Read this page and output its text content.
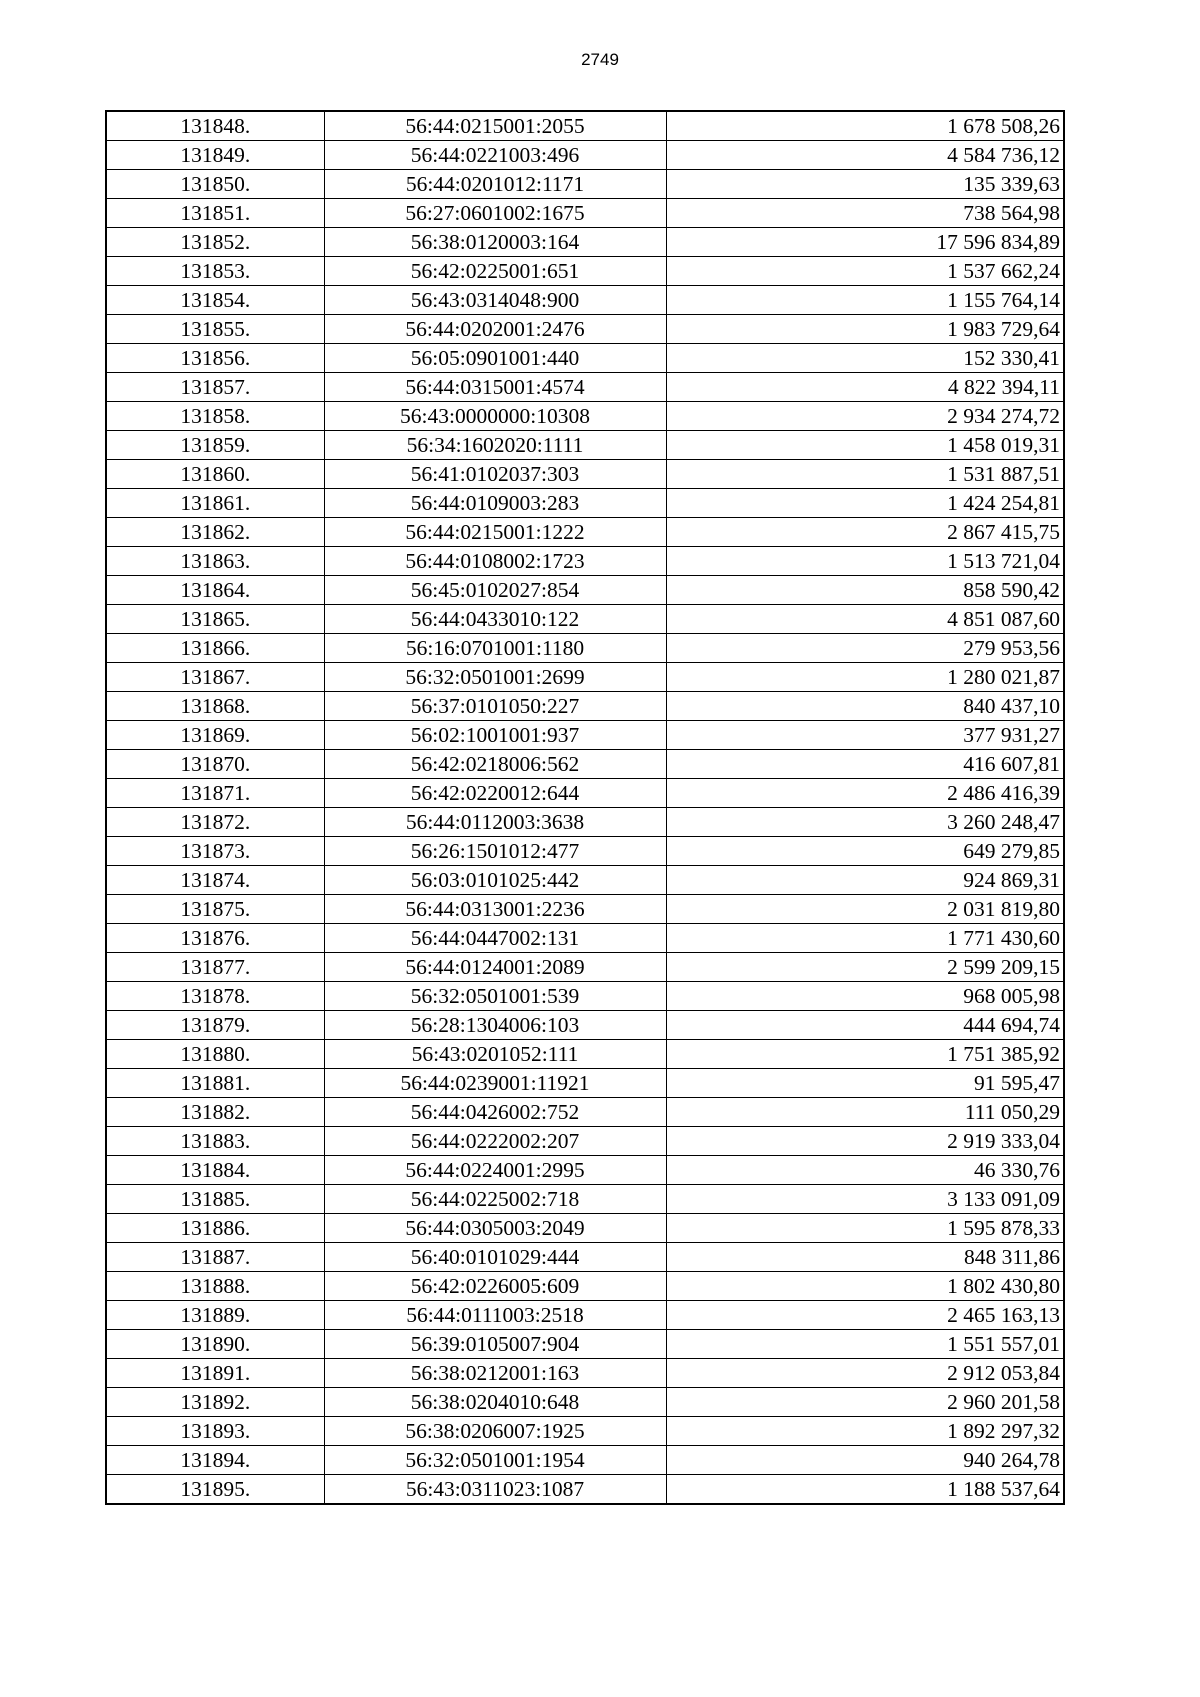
2749
131848.	56:44:0215001:2055	1 678 508,26
131849.	56:44:0221003:496	4 584 736,12
131850.	56:44:0201012:1171	135 339,63
131851.	56:27:0601002:1675	738 564,98
131852.	56:38:0120003:164	17 596 834,89
131853.	56:42:0225001:651	1 537 662,24
131854.	56:43:0314048:900	1 155 764,14
131855.	56:44:0202001:2476	1 983 729,64
131856.	56:05:0901001:440	152 330,41
131857.	56:44:0315001:4574	4 822 394,11
131858.	56:43:0000000:10308	2 934 274,72
131859.	56:34:1602020:1111	1 458 019,31
131860.	56:41:0102037:303	1 531 887,51
131861.	56:44:0109003:283	1 424 254,81
131862.	56:44:0215001:1222	2 867 415,75
131863.	56:44:0108002:1723	1 513 721,04
131864.	56:45:0102027:854	858 590,42
131865.	56:44:0433010:122	4 851 087,60
131866.	56:16:0701001:1180	279 953,56
131867.	56:32:0501001:2699	1 280 021,87
131868.	56:37:0101050:227	840 437,10
131869.	56:02:1001001:937	377 931,27
131870.	56:42:0218006:562	416 607,81
131871.	56:42:0220012:644	2 486 416,39
131872.	56:44:0112003:3638	3 260 248,47
131873.	56:26:1501012:477	649 279,85
131874.	56:03:0101025:442	924 869,31
131875.	56:44:0313001:2236	2 031 819,80
131876.	56:44:0447002:131	1 771 430,60
131877.	56:44:0124001:2089	2 599 209,15
131878.	56:32:0501001:539	968 005,98
131879.	56:28:1304006:103	444 694,74
131880.	56:43:0201052:111	1 751 385,92
131881.	56:44:0239001:11921	91 595,47
131882.	56:44:0426002:752	111 050,29
131883.	56:44:0222002:207	2 919 333,04
131884.	56:44:0224001:2995	46 330,76
131885.	56:44:0225002:718	3 133 091,09
131886.	56:44:0305003:2049	1 595 878,33
131887.	56:40:0101029:444	848 311,86
131888.	56:42:0226005:609	1 802 430,80
131889.	56:44:0111003:2518	2 465 163,13
131890.	56:39:0105007:904	1 551 557,01
131891.	56:38:0212001:163	2 912 053,84
131892.	56:38:0204010:648	2 960 201,58
131893.	56:38:0206007:1925	1 892 297,32
131894.	56:32:0501001:1954	940 264,78
131895.	56:43:0311023:1087	1 188 537,64
